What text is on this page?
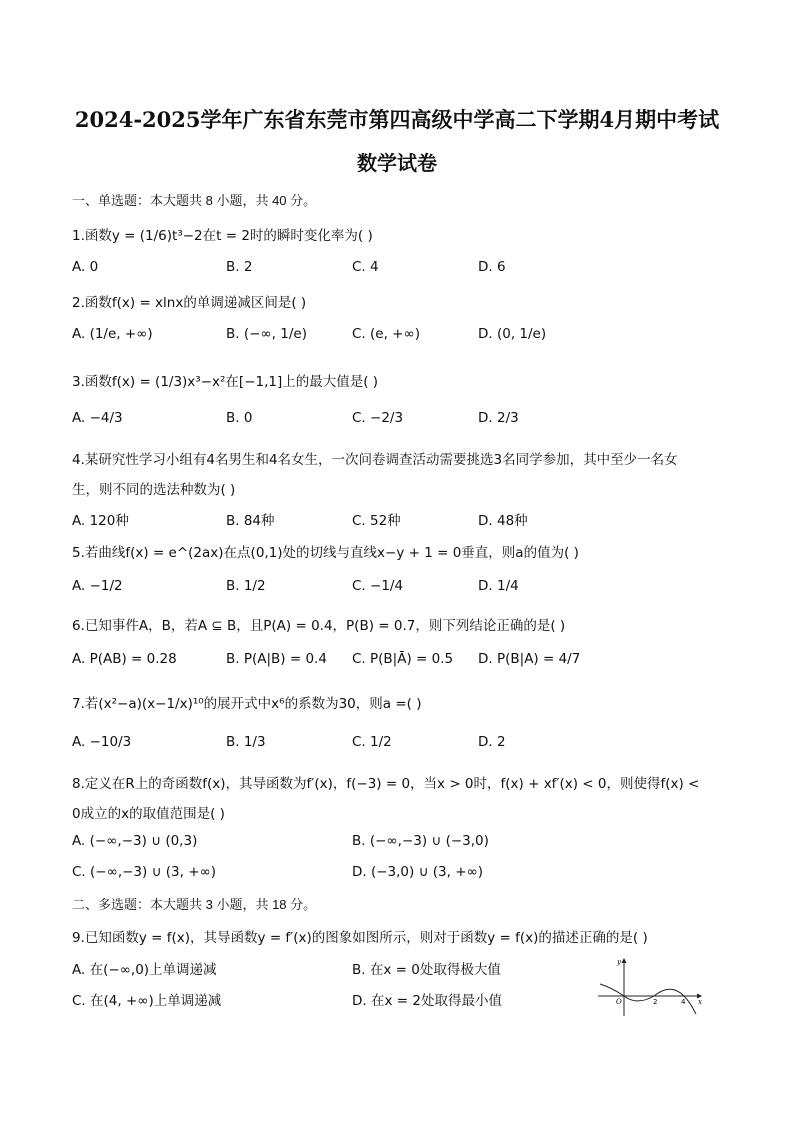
2024-2025学年广东省东莞市第四高级中学高二下学期4月期中考试
数学试卷
一、单选题：本大题共 8 小题，共 40 分。
1.函数y = (1/6)t³−2在t = 2时的瞬时变化率为( )
A. 0	B. 2	C. 4	D. 6
2.函数f(x) = xlnx的单调递减区间是( )
A. (1/e, +∞)	B. (−∞, 1/e)	C. (e, +∞)	D. (0, 1/e)
3.函数f(x) = (1/3)x³−x²在[−1,1]上的最大值是( )
A. −4/3	B. 0	C. −2/3	D. 2/3
4.某研究性学习小组有4名男生和4名女生，一次问卷调查活动需要挑选3名同学参加，其中至少一名女
生，则不同的选法种数为( )
A. 120种	B. 84种	C. 52种	D. 48种
5.若曲线f(x) = e^(2ax)在点(0,1)处的切线与直线x−y + 1 = 0垂直，则a的值为( )
A. −1/2	B. 1/2	C. −1/4	D. 1/4
6.已知事件A，B，若A ⊆ B，且P(A) = 0.4，P(B) = 0.7，则下列结论正确的是( )
A. P(AB) = 0.28	B. P(A|B) = 0.4 C. P(B|Ā) = 0.5 D. P(B|A) = 4/7
7.若(x²−a)(x−1/x)¹⁰的展开式中x⁶的系数为30，则a =( )
A. −10/3	B. 1/3	C. 1/2	D. 2
8.定义在R上的奇函数f(x)，其导函数为f′(x)，f(−3) = 0，当x > 0时，f(x) + xf′(x) < 0，则使得f(x) <
0成立的x的取值范围是( )
A. (−∞,−3) ∪ (0,3)	B. (−∞,−3) ∪ (−3,0)
C. (−∞,−3) ∪ (3, +∞)	D. (−3,0) ∪ (3, +∞)
二、多选题：本大题共 3 小题，共 18 分。
9.已知函数y = f(x)，其导函数y = f′(x)的图象如图所示，则对于函数y = f(x)的描述正确的是( )
A. 在(−∞,0)上单调递减	B. 在x = 0处取得极大值
C. 在(4, +∞)上单调递减	D. 在x = 2处取得最小值
y
x
O	2	4
